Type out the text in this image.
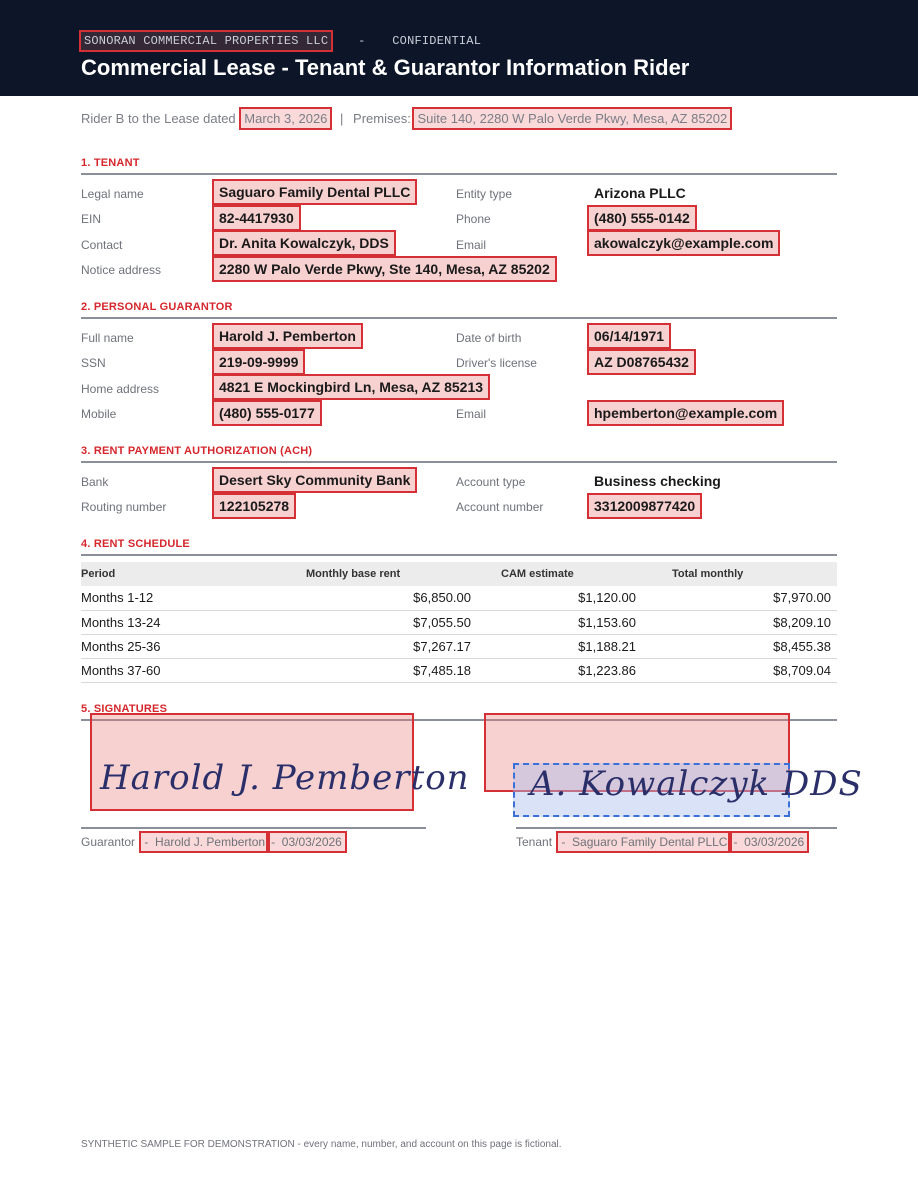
SONORAN COMMERCIAL PROPERTIES LLC - CONFIDENTIAL
Commercial Lease - Tenant & Guarantor Information Rider
Rider B to the Lease dated March 3, 2026 | Premises: Suite 140, 2280 W Palo Verde Pkwy, Mesa, AZ 85202
1. TENANT
Legal name	Saguaro Family Dental PLLC	Entity type	Arizona PLLC
EIN	82-4417930	Phone	(480) 555-0142
Contact	Dr. Anita Kowalczyk, DDS	Email	akowalczyk@example.com
Notice address	2280 W Palo Verde Pkwy, Ste 140, Mesa, AZ 85202
2. PERSONAL GUARANTOR
Full name	Harold J. Pemberton	Date of birth	06/14/1971
SSN	219-09-9999	Driver's license	AZ D08765432
Home address	4821 E Mockingbird Ln, Mesa, AZ 85213
Mobile	(480) 555-0177	Email	hpemberton@example.com
3. RENT PAYMENT AUTHORIZATION (ACH)
Bank	Desert Sky Community Bank	Account type	Business checking
Routing number	122105278	Account number	3312009877420
4. RENT SCHEDULE
Period	Monthly base rent	CAM estimate	Total monthly
Months 1-12	$6,850.00	$1,120.00	$7,970.00
Months 13-24	$7,055.50	$1,153.60	$8,209.10
Months 25-36	$7,267.17	$1,188.21	$8,455.38
Months 37-60	$7,485.18	$1,223.86	$8,709.04
5. SIGNATURES
Harold J. Pemberton A. Kowalczyk DDS
Guarantor - Harold J. Pemberton - 03/03/2026	Tenant - Saguaro Family Dental PLLC - 03/03/2026
SYNTHETIC SAMPLE FOR DEMONSTRATION - every name, number, and account on this page is fictional.
